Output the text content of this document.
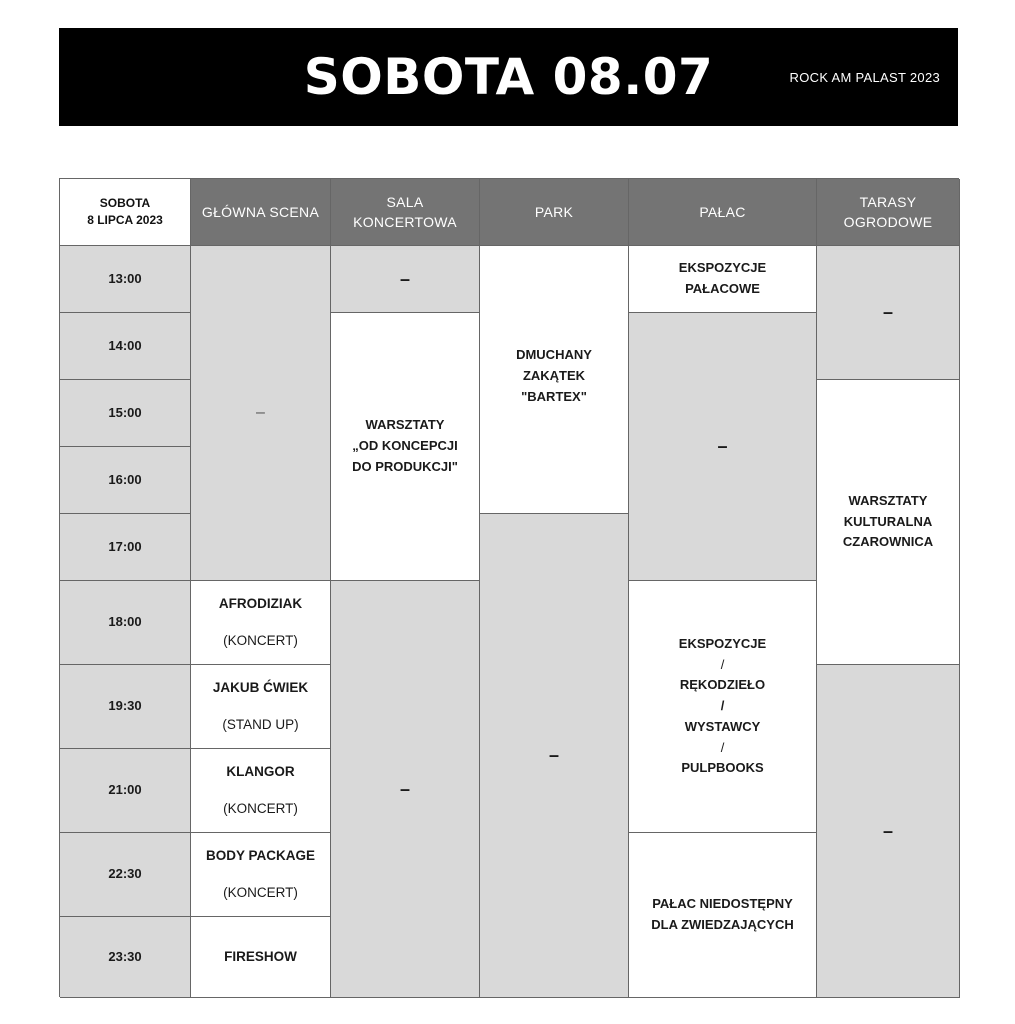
SOBOTA 08.07	ROCK AM PALAST 2023
SOBOTA
8 LIPCA 2023
GŁÓWNA SCENA
SALA
KONCERTOWA
PARK	PAŁAC
TARASY
OGRODOWE
13:00
14:00
15:00
16:00
17:00
18:00
19:30
21:00
22:30
23:30
–
AFRODIZIAK
(KONCERT)
JAKUB ĆWIEK
(STAND UP)
KLANGOR
(KONCERT)
BODY PACKAGE
(KONCERT)
FIRESHOW
–
WARSZTATY
„OD KONCEPCJI
DO PRODUKCJI"
–
DMUCHANY
ZAKĄTEK
"BARTEX"
–
EKSPOZYCJE
PAŁACOWE
–
EKSPOZYCJE
/
RĘKODZIEŁO
/
WYSTAWCY
/
PULPBOOKS
PAŁAC NIEDOSTĘPNY
DLA ZWIEDZAJĄCYCH
–
WARSZTATY
KULTURALNA
CZAROWNICA
–
